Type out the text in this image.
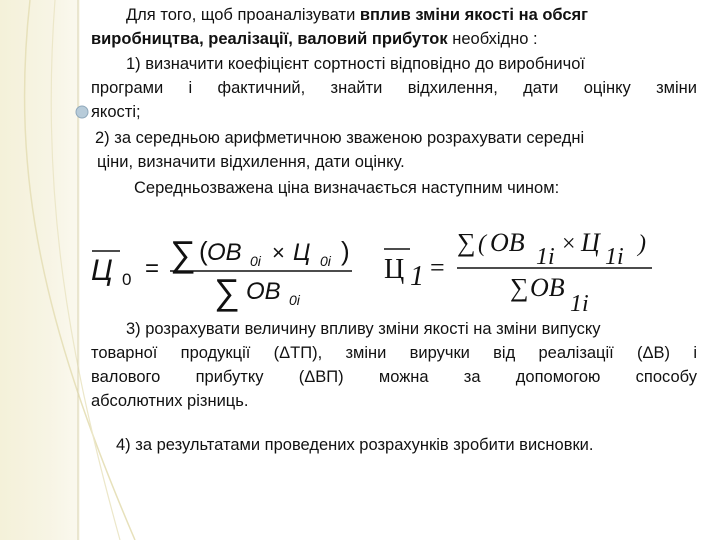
Для того, щоб проаналізувати вплив зміни якості на обсяг
виробництва, реалізації, валовий прибуток необхідно :
1) визначити коефіцієнт сортності відповідно до виробничої
програми і фактичний, знайти відхилення, дати оцінку зміни
якості;
2) за середньою арифметичною зваженою розрахувати середні
ціни, визначити відхилення, дати оцінку.
Середньозважена ціна визначається наступним чином:
Ц 0 = ∑ ( OB 0i × Ц 0i )
∑ OB 0i
Ц 1 =
∑ ( OB 1i × Ц 1i )
∑ OB
1i
3) розрахувати величину впливу зміни якості на зміни випуску
товарної продукції (ΔТП), зміни виручки від реалізації (ΔВ) і
валового прибутку (ΔВП) можна за допомогою способу
абсолютних різниць.
4) за результатами проведених розрахунків зробити висновки.
